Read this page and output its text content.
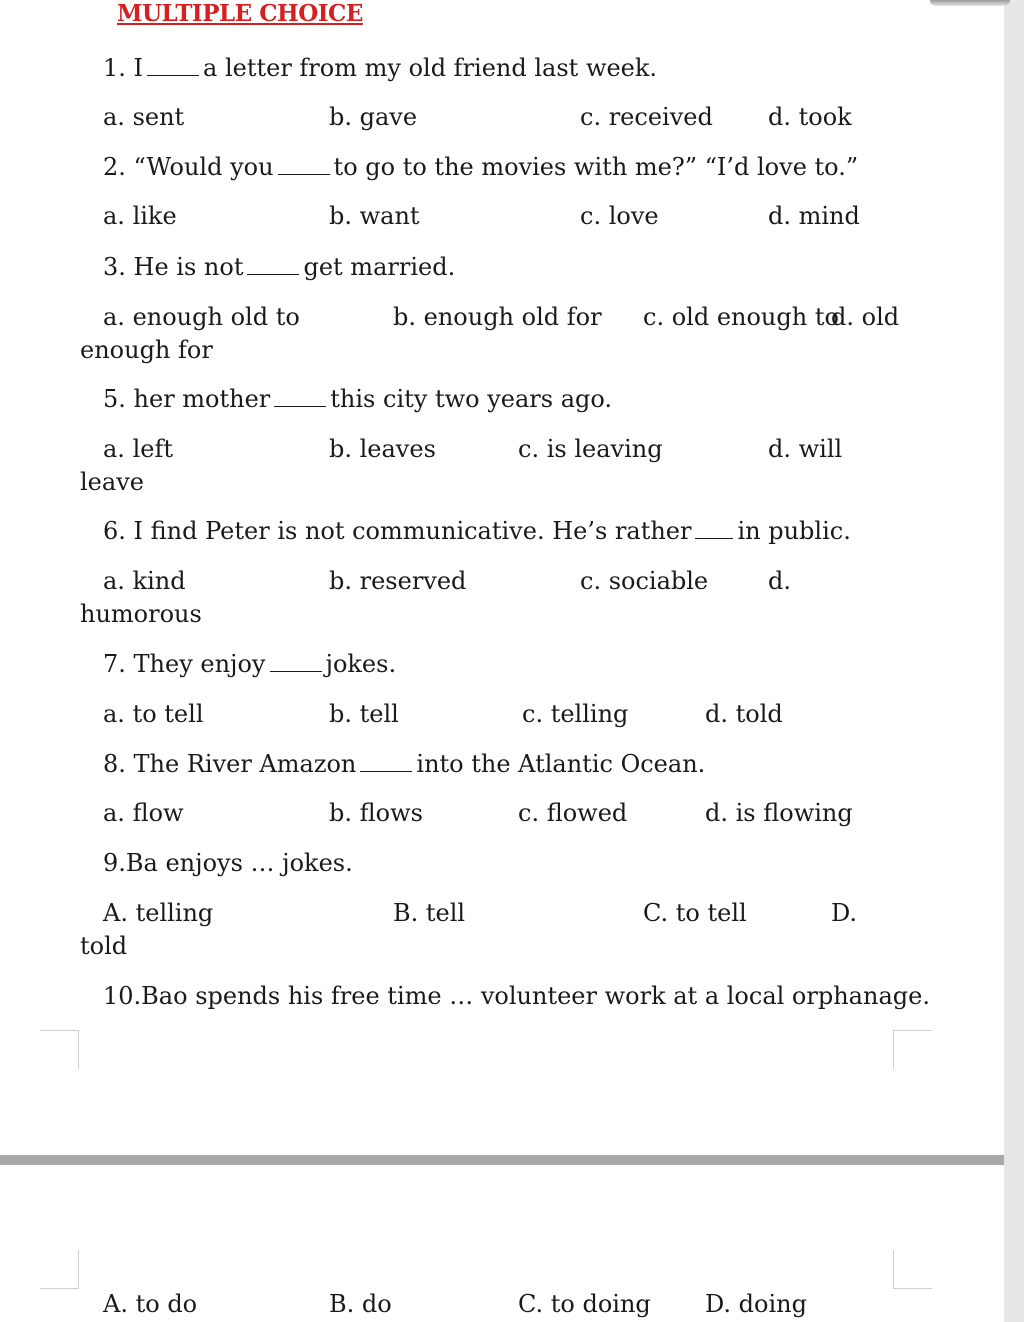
MULTIPLE CHOICE
1. I	a letter from my old friend last week.
a. sent	b. gave	c. received d. took
2. “Would you	to go to the movies with me?” “I’d love to.”
a. like	b. want	c. love	d. mind
3. He is not	get married.
a. enough old to	b. enough old for c. old enough to
d. old
enough for
5. her mother	this city two years ago.
a. left	b. leaves	c. is leaving	d. will
leave
6. I find Peter is not communicative. He’s rather in public.
a. kind	b. reserved	c. sociable d.
humorous
7. They enjoy	jokes.
a. to tell	b. tell	c. telling	d. told
8. The River Amazon	into the Atlantic Ocean.
a. flow	b. flows	c. flowed	d. is flowing
9.Ba enjoys … jokes.
A. telling	B. tell	C. to tell	D.
told
10.Bao spends his free time … volunteer work at a local orphanage.
A. to do	B. do	C. to doing D. doing
